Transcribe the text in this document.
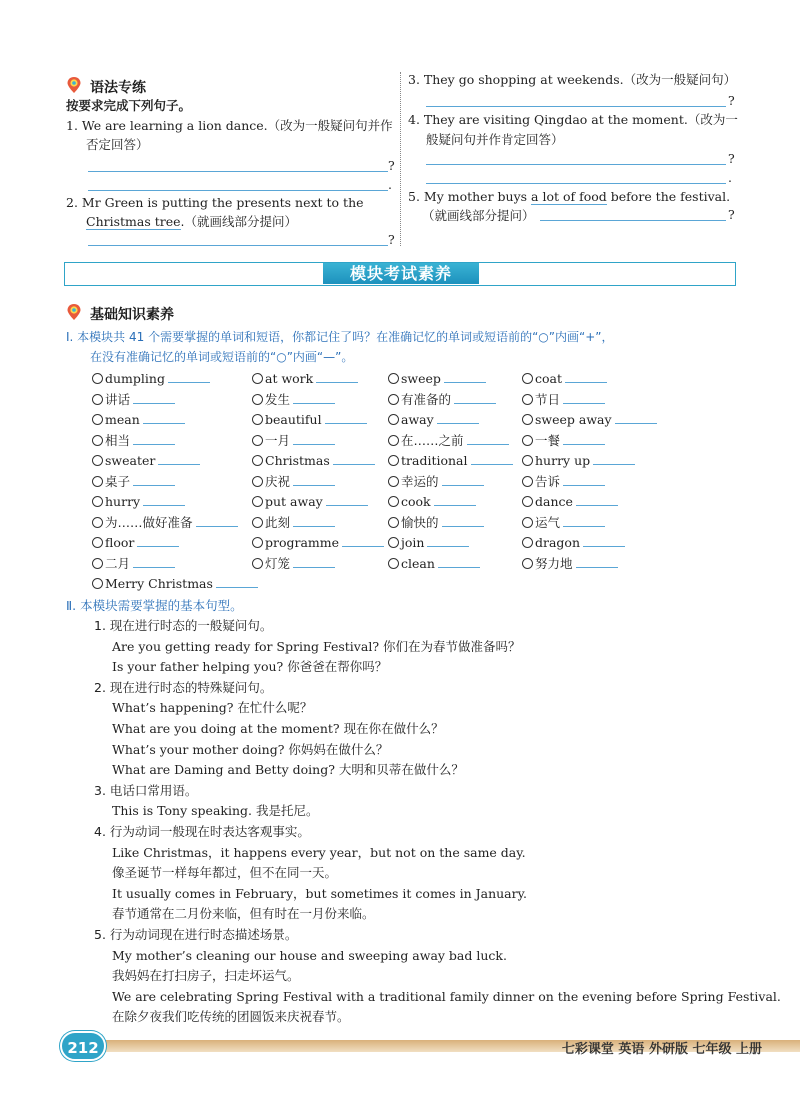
语法专练
按要求完成下列句子。
1. We are learning a lion dance.（改为一般疑问句并作
否定回答）
?
.
2. Mr Green is putting the presents next to the
Christmas tree.（就画线部分提问）
?
3. They go shopping at weekends.（改为一般疑问句）
?
4. They are visiting Qingdao at the moment.（改为一
般疑问句并作肯定回答）
?
.
5. My mother buys a lot of food before the festival.
（就画线部分提问）	?
模块考试素养
基础知识素养
Ⅰ. 本模块共 41 个需要掌握的单词和短语，你都记住了吗？在准确记忆的单词或短语前的“○”内画“+”，
在没有准确记忆的单词或短语前的“○”内画“—”。
dumpling	at work	sweep	coat
讲话	发生	有准备的	节日
mean	beautiful	away	sweep away
相当	一月	在……之前	一餐
sweater	Christmas	traditional	hurry up
桌子	庆祝	幸运的	告诉
hurry	put away	cook	dance
为……做好准备	此刻	愉快的	运气
floor	programme	join	dragon
二月	灯笼	clean	努力地
Merry Christmas
Ⅱ. 本模块需要掌握的基本句型。
1. 现在进行时态的一般疑问句。
Are you getting ready for Spring Festival? 你们在为春节做准备吗？
Is your father helping you? 你爸爸在帮你吗？
2. 现在进行时态的特殊疑问句。
What’s happening? 在忙什么呢？
What are you doing at the moment? 现在你在做什么？
What’s your mother doing? 你妈妈在做什么？
What are Daming and Betty doing? 大明和贝蒂在做什么？
3. 电话口常用语。
This is Tony speaking. 我是托尼。
4. 行为动词一般现在时表达客观事实。
Like Christmas，it happens every year，but not on the same day.
像圣诞节一样每年都过，但不在同一天。
It usually comes in February，but sometimes it comes in January.
春节通常在二月份来临，但有时在一月份来临。
5. 行为动词现在进行时态描述场景。
My mother’s cleaning our house and sweeping away bad luck.
我妈妈在打扫房子，扫走坏运气。
We are celebrating Spring Festival with a traditional family dinner on the evening before Spring Festival.
在除夕夜我们吃传统的团圆饭来庆祝春节。
212	七彩课堂 英语 外研版 七年级 上册
